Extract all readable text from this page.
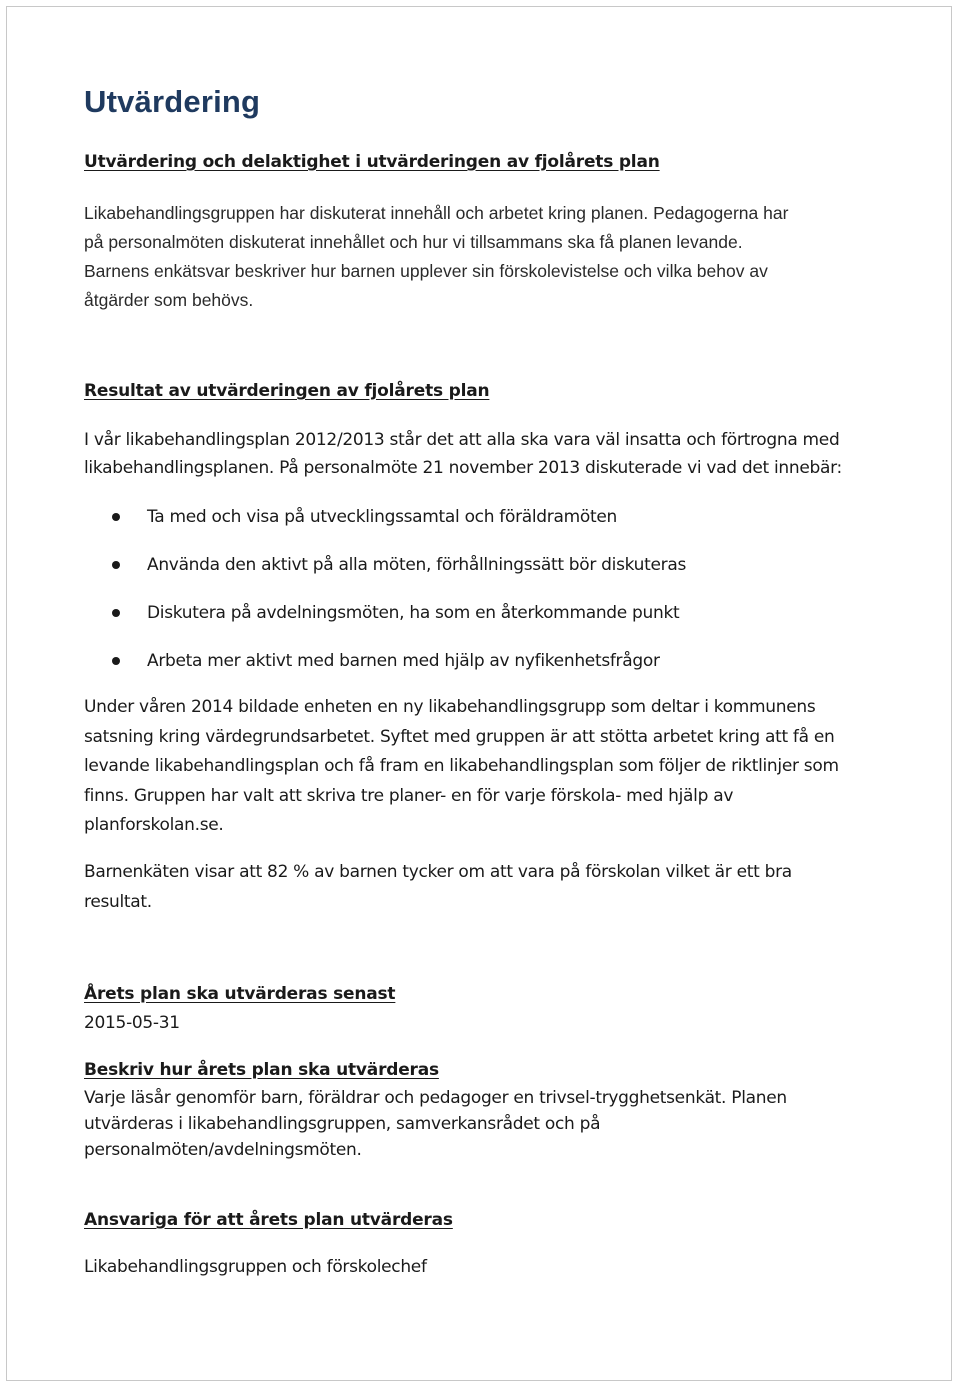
Utvärdering
Utvärdering och delaktighet i utvärderingen av fjolårets plan
Likabehandlingsgruppen har diskuterat innehåll och arbetet kring planen. Pedagogerna har
på personalmöten diskuterat innehållet och hur vi tillsammans ska få planen levande.
Barnens enkätsvar beskriver hur barnen upplever sin förskolevistelse och vilka behov av
åtgärder som behövs.
Resultat av utvärderingen av fjolårets plan
I vår likabehandlingsplan 2012/2013 står det att alla ska vara väl insatta och förtrogna med
likabehandlingsplanen. På personalmöte 21 november 2013 diskuterade vi vad det innebär:
Ta med och visa på utvecklingssamtal och föräldramöten
Använda den aktivt på alla möten, förhållningssätt bör diskuteras
Diskutera på avdelningsmöten, ha som en återkommande punkt
Arbeta mer aktivt med barnen med hjälp av nyfikenhetsfrågor
Under våren 2014 bildade enheten en ny likabehandlingsgrupp som deltar i kommunens
satsning kring värdegrundsarbetet. Syftet med gruppen är att stötta arbetet kring att få en
levande likabehandlingsplan och få fram en likabehandlingsplan som följer de riktlinjer som
finns. Gruppen har valt att skriva tre planer- en för varje förskola- med hjälp av
planforskolan.se.
Barnenkäten visar att 82 % av barnen tycker om att vara på förskolan vilket är ett bra
resultat.
Årets plan ska utvärderas senast
2015-05-31
Beskriv hur årets plan ska utvärderas
Varje läsår genomför barn, föräldrar och pedagoger en trivsel-trygghetsenkät. Planen
utvärderas i likabehandlingsgruppen, samverkansrådet och på
personalmöten/avdelningsmöten.
Ansvariga för att årets plan utvärderas
Likabehandlingsgruppen och förskolechef
